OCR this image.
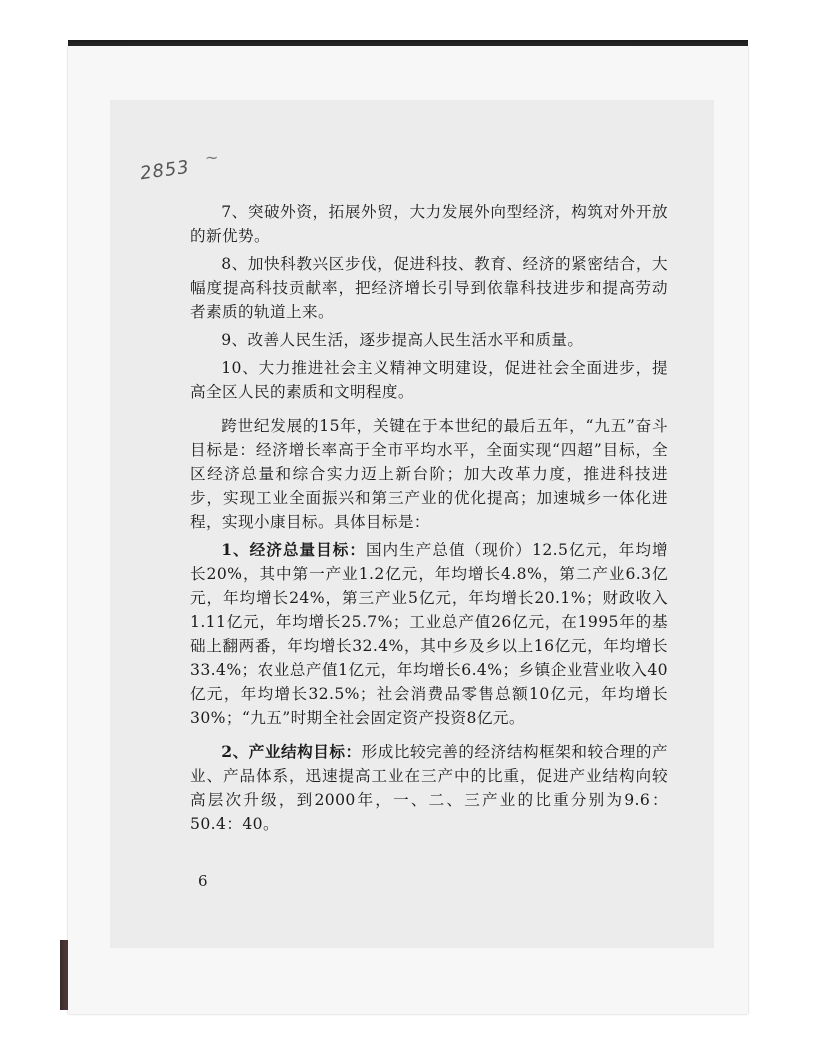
2853 ~

7、突破外资，拓展外贸，大力发展外向型经济，构筑对外开放的新优势。

8、加快科教兴区步伐，促进科技、教育、经济的紧密结合，大幅度提高科技贡献率，把经济增长引导到依靠科技进步和提高劳动者素质的轨道上来。

9、改善人民生活，逐步提高人民生活水平和质量。

10、大力推进社会主义精神文明建设，促进社会全面进步，提高全区人民的素质和文明程度。

跨世纪发展的15年，关键在于本世纪的最后五年，“九五”奋斗目标是：经济增长率高于全市平均水平，全面实现“四超”目标，全区经济总量和综合实力迈上新台阶；加大改革力度，推进科技进步，实现工业全面振兴和第三产业的优化提高；加速城乡一体化进程，实现小康目标。具体目标是：

1、经济总量目标：国内生产总值（现价）12.5亿元，年均增长20%，其中第一产业1.2亿元，年均增长4.8%，第二产业6.3亿元，年均增长24%，第三产业5亿元，年均增长20.1%；财政收入1.11亿元，年均增长25.7%；工业总产值26亿元，在1995年的基础上翻两番，年均增长32.4%，其中乡及乡以上16亿元，年均增长33.4%；农业总产值1亿元，年均增长6.4%；乡镇企业营业收入40亿元，年均增长32.5%；社会消费品零售总额10亿元，年均增长30%；“九五”时期全社会固定资产投资8亿元。

2、产业结构目标：形成比较完善的经济结构框架和较合理的产业、产品体系，迅速提高工业在三产中的比重，促进产业结构向较高层次升级，到2000年，一、二、三产业的比重分别为9.6：50.4：40。

6
